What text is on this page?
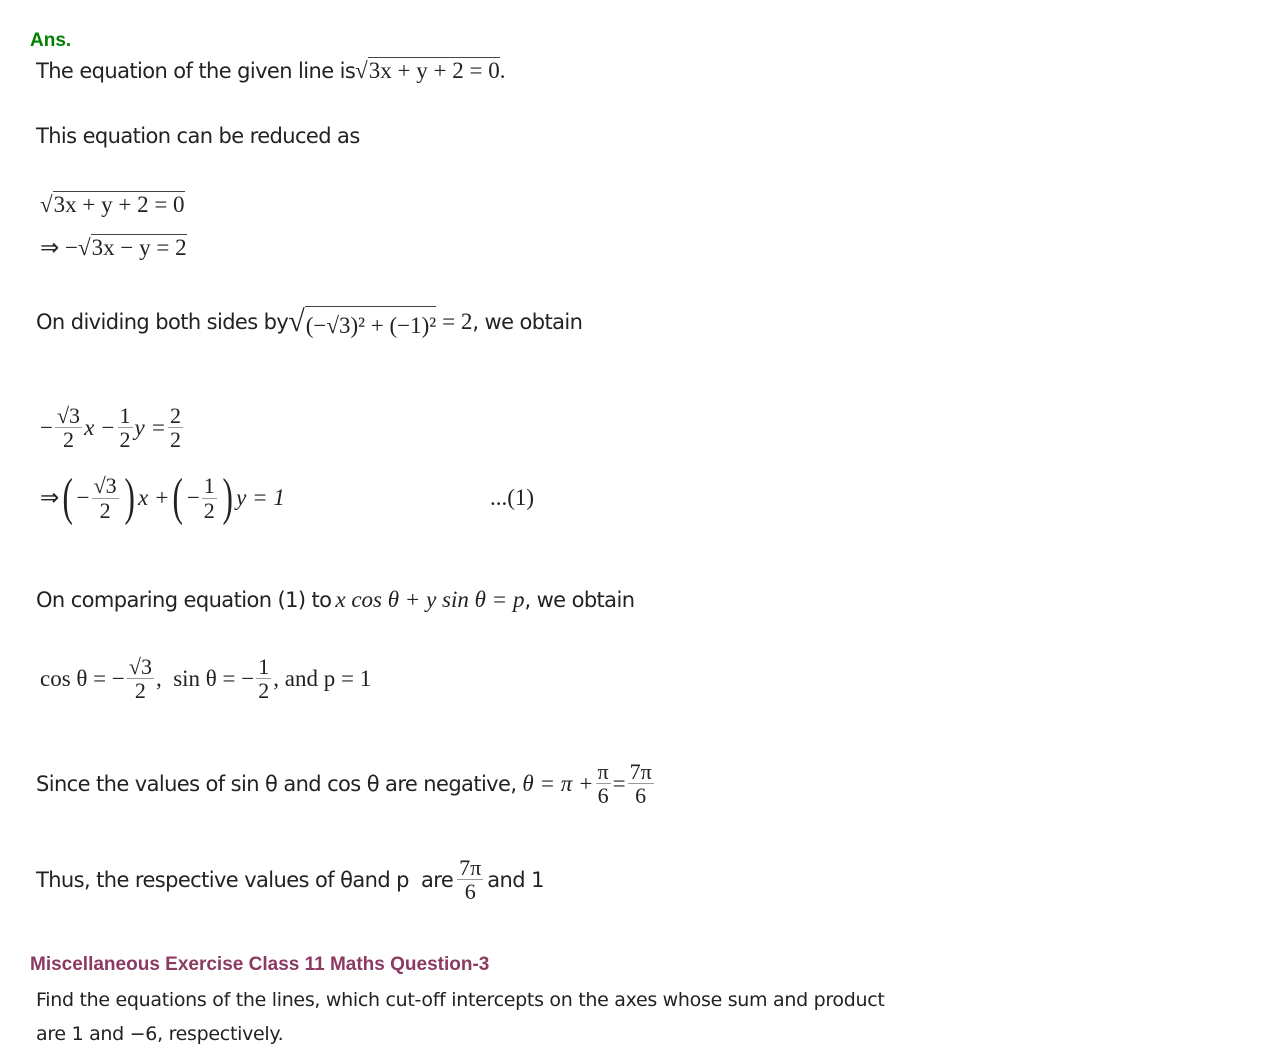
Ans.
The equation of the given line is √3x + y + 2 = 0 .
This equation can be reduced as
√3x + y + 2 = 0
⇒ − √3x − y = 2
On dividing both sides by √ (−√3)² + (−1)² = 2 , we obtain
− $\frac{√3}{2}$ $x - \frac{1}{2}$ $y = \frac{2}{2}$
⇒ ( − $\frac{√3}{2}$ ) x + ( − $\frac{1}{2}$ ) y = 1	...(1)
On comparing equation (1) to x cos θ + y sin θ = p , we obtain
cos θ = − $\frac{√3}{2}$ ,  sin θ = − $\frac{1}{2}$ , and p = 1
Since the values of sin θ and cos θ are negative, $\theta = \pi + \frac{\pi}{6} = \frac{7\pi}{6}$
Thus, the respective values of θand p  are $\frac{7\pi}{6}$ and 1
Miscellaneous Exercise Class 11 Maths Question-3
Find the equations of the lines, which cut-off intercepts on the axes whose sum and product
are 1 and −6, respectively.
